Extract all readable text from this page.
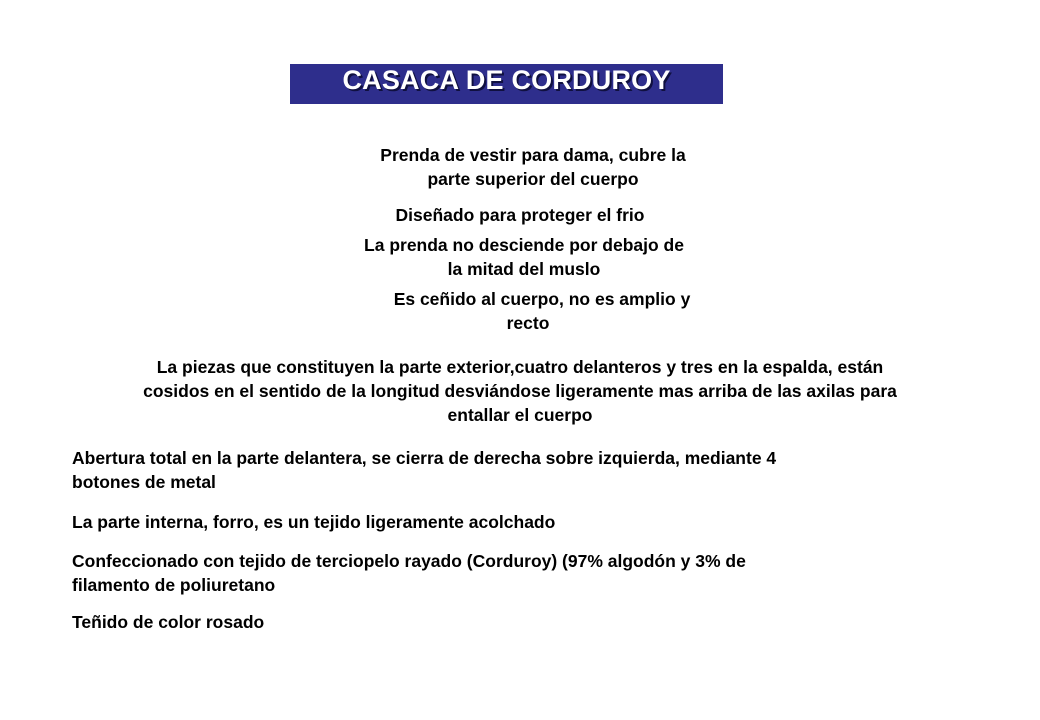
CASACA DE CORDUROY
Prenda de vestir para dama, cubre la
parte superior del cuerpo
Diseñado para proteger el frio
La prenda no desciende por debajo de
la mitad del muslo
Es ceñido al cuerpo, no es amplio y
recto
La piezas que constituyen la parte exterior,cuatro delanteros y tres en la espalda, están
cosidos en el sentido de la longitud desviándose ligeramente mas arriba de las axilas para
entallar el cuerpo
Abertura total en la parte delantera, se cierra de derecha sobre izquierda, mediante 4
botones de metal
La parte interna, forro, es un tejido ligeramente acolchado
Confeccionado con tejido de terciopelo rayado (Corduroy) (97% algodón y 3% de
filamento de poliuretano
Teñido de color rosado
